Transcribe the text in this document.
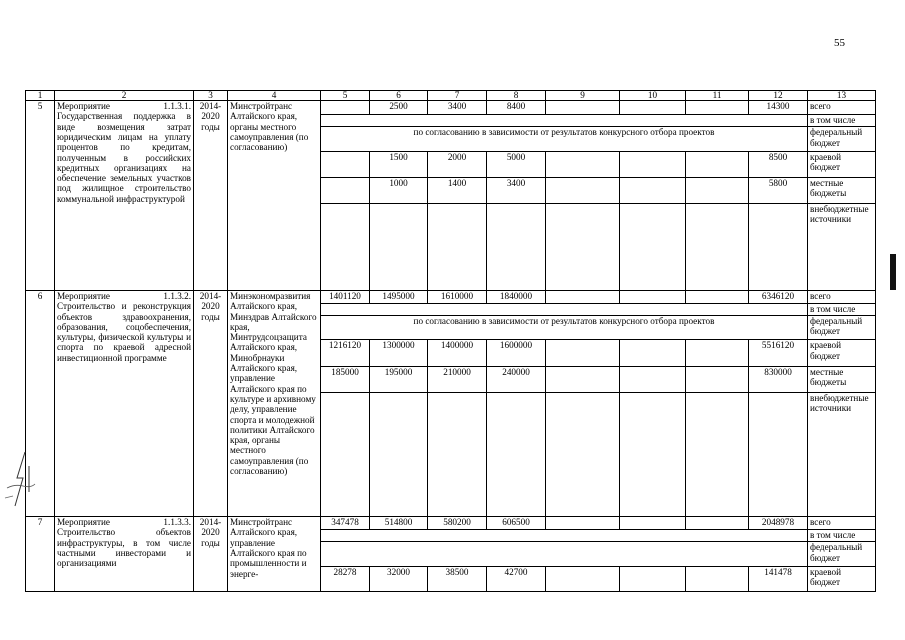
55
1	2	3	4	5	6	7	8	9	10	11	12	13
5	Мероприятие 1.1.3.1. Государственная поддержка в виде возмещения затрат юридическим лицам на уплату процентов по кредитам, полученным в российских кредитных организациях на обеспечение земельных участков под жилищное строительство коммунальной инфраструктурой	2014-2020 годы	Минстройтранс Алтайского края, органы местного самоуправления (по согласованию)		2500	3400	8400				14300	всего
												в том числе
				по согласованию в зависимости от результатов конкурсного отбора проектов								федеральный бюджет
					1500	2000	5000				8500	краевой бюджет
					1000	1400	3400				5800	местные бюджеты
												внебюджетные источники
6	Мероприятие 1.1.3.2. Строительство и реконструкция объектов здравоохранения, образования, соцобеспечения, культуры, физической культуры и спорта по краевой адресной инвестиционной программе	2014-2020 годы	Минэкономразвития Алтайского края, Минздрав Алтайского края, Минтрудсоцзащита Алтайского края, Минобрнауки Алтайского края, управление Алтайского края по культуре и архивному делу, управление спорта и молодежной политики Алтайского края, органы местного самоуправления (по согласованию)	1401120	1495000	1610000	1840000				6346120	всего
												в том числе
				по согласованию в зависимости от результатов конкурсного отбора проектов								федеральный бюджет
				1216120	1300000	1400000	1600000				5516120	краевой бюджет
				185000	195000	210000	240000				830000	местные бюджеты
												внебюджетные источники
7	Мероприятие 1.1.3.3. Строительство объектов инфраструктуры, в том числе частными инвесторами и организациями	2014-2020 годы	Минстройтранс Алтайского края, управление Алтайского края по промышленности и энерге-	347478	514800	580200	606500				2048978	всего
												в том числе
												федеральный бюджет
				28278	32000	38500	42700				141478	краевой бюджет
